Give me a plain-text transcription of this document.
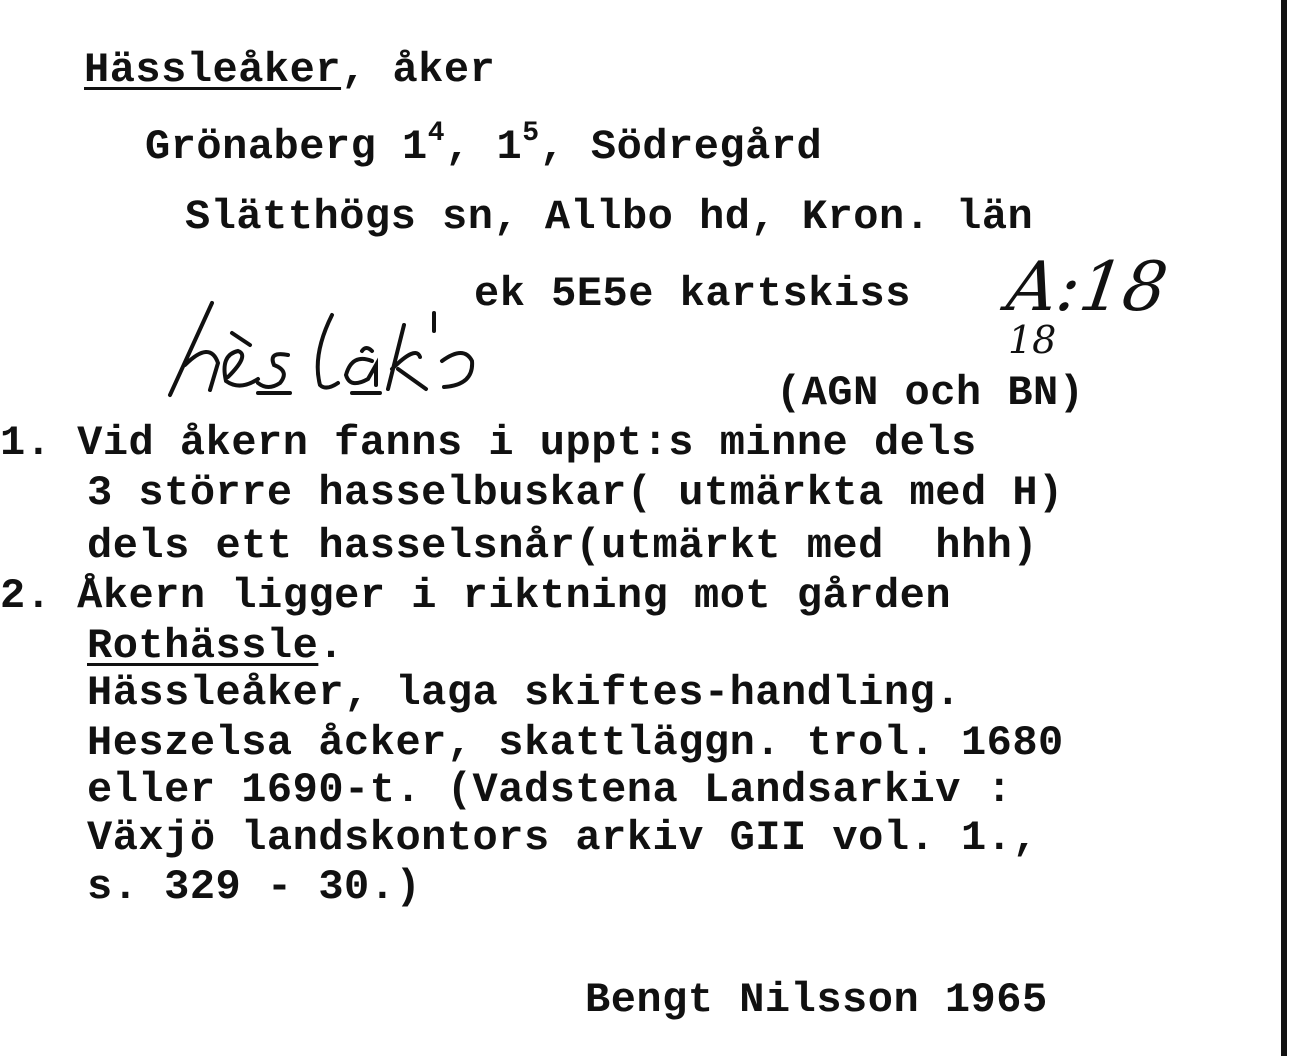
Hässleåker, åker
Grönaberg $1^4$, $1^5$, Södregård
Slätthögs sn, Allbo hd, Kron. län
ek 5E5e kartskiss A:18
18
(AGN och BN)
1. Vid åkern fanns i uppt:s minne dels
3 större hasselbuskar( utmärkta med H)
dels ett hasselsnår(utmärkt med  hhh)
2. Åkern ligger i riktning mot gården
Rothässle.
Hässleåker, laga skiftes-handling.
Heszelsa åcker, skattläggn. trol. 1680
eller 1690-t. (Vadstena Landsarkiv :
Växjö landskontors arkiv GII vol. 1.,
s. 329 - 30.)
Bengt Nilsson 1965
